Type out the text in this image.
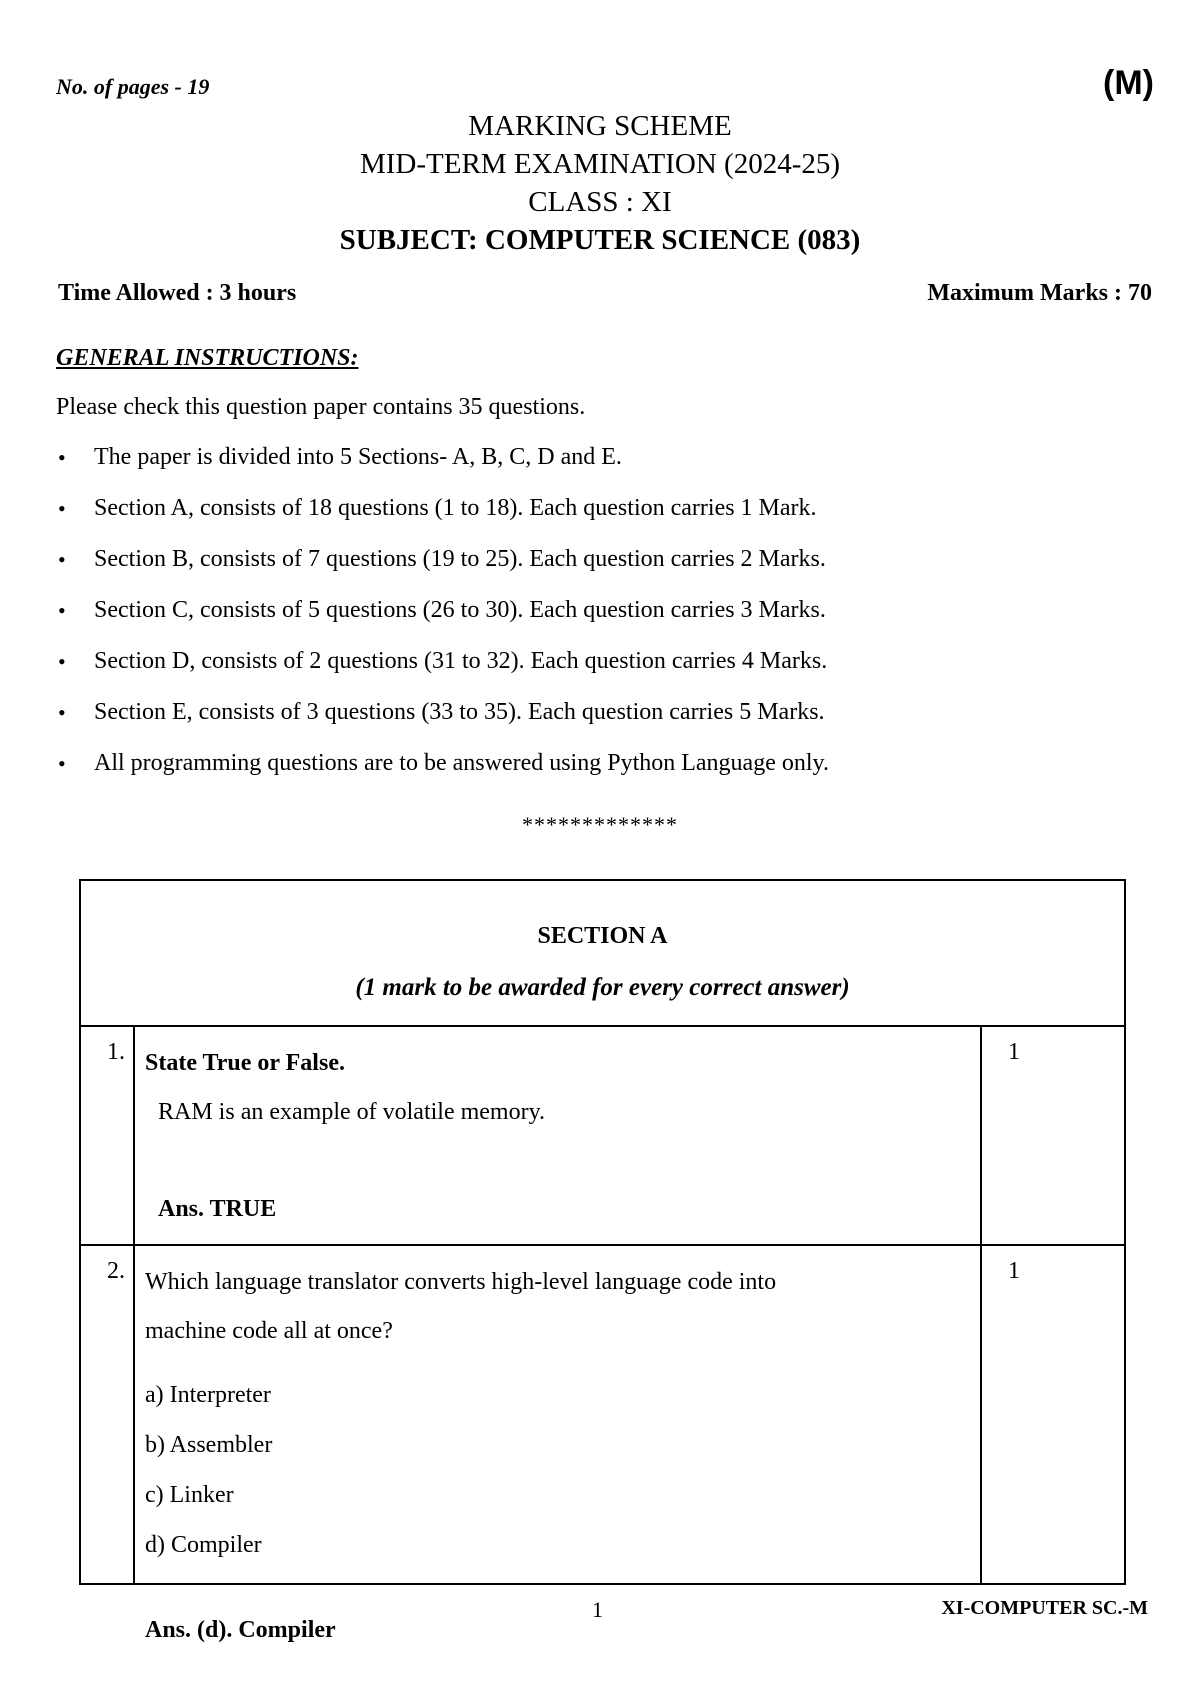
No. of pages - 19	(M)
MARKING SCHEME
MID-TERM EXAMINATION (2024-25)
CLASS : XI
SUBJECT: COMPUTER SCIENCE (083)
Time Allowed : 3 hours	Maximum Marks : 70
GENERAL INSTRUCTIONS:
Please check this question paper contains 35 questions.
• The paper is divided into 5 Sections- A, B, C, D and E.
• Section A, consists of 18 questions (1 to 18). Each question carries 1 Mark.
• Section B, consists of 7 questions (19 to 25). Each question carries 2 Marks.
• Section C, consists of 5 questions (26 to 30). Each question carries 3 Marks.
• Section D, consists of 2 questions (31 to 32). Each question carries 4 Marks.
• Section E, consists of 3 questions (33 to 35). Each question carries 5 Marks.
• All programming questions are to be answered using Python Language only.
*************
SECTION A
(1 mark to be awarded for every correct answer)
1. State True or False.
RAM is an example of volatile memory.
Ans. TRUE
1
2. Which language translator converts high-level language code into
machine code all at once?
a) Interpreter
b) Assembler
c) Linker
d) Compiler
Ans. (d). Compiler
1
1	XI-COMPUTER SC.-M
